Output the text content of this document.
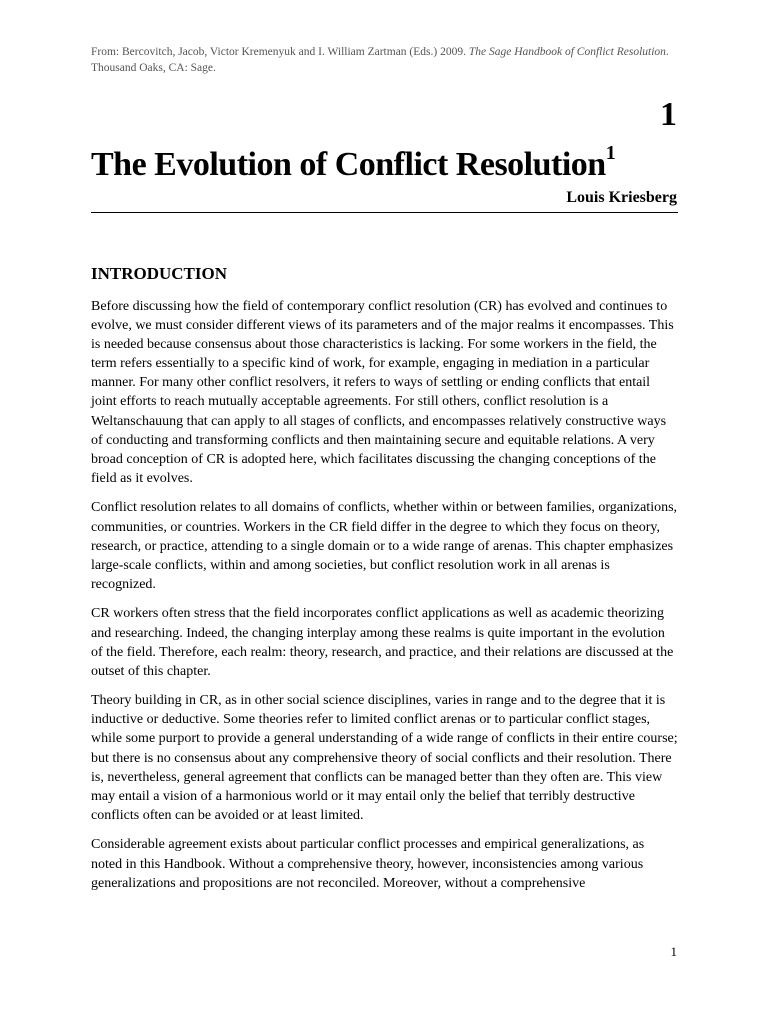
From: Bercovitch, Jacob, Victor Kremenyuk and I. William Zartman (Eds.) 2009. The Sage Handbook of Conflict Resolution. Thousand Oaks, CA: Sage.
1
The Evolution of Conflict Resolution$^1$
Louis Kriesberg
INTRODUCTION

Before discussing how the field of contemporary conflict resolution (CR) has evolved and continues to evolve, we must consider different views of its parameters and of the major realms it encompasses. This is needed because consensus about those characteristics is lacking. For some workers in the field, the term refers essentially to a specific kind of work, for example, engaging in mediation in a particular manner. For many other conflict resolvers, it refers to ways of settling or ending conflicts that entail joint efforts to reach mutually acceptable agreements. For still others, conflict resolution is a Weltanschauung that can apply to all stages of conflicts, and encompasses relatively constructive ways of conducting and transforming conflicts and then maintaining secure and equitable relations. A very broad conception of CR is adopted here, which facilitates discussing the changing conceptions of the field as it evolves.

Conflict resolution relates to all domains of conflicts, whether within or between families, organizations, communities, or countries. Workers in the CR field differ in the degree to which they focus on theory, research, or practice, attending to a single domain or to a wide range of arenas. This chapter emphasizes large-scale conflicts, within and among societies, but conflict resolution work in all arenas is recognized.

CR workers often stress that the field incorporates conflict applications as well as academic theorizing and researching. Indeed, the changing interplay among these realms is quite important in the evolution of the field. Therefore, each realm: theory, research, and practice, and their relations are discussed at the outset of this chapter.

Theory building in CR, as in other social science disciplines, varies in range and to the degree that it is inductive or deductive. Some theories refer to limited conflict arenas or to particular conflict stages, while some purport to provide a general understanding of a wide range of conflicts in their entire course; but there is no consensus about any comprehensive theory of social conflicts and their resolution. There is, nevertheless, general agreement that conflicts can be managed better than they often are. This view may entail a vision of a harmonious world or it may entail only the belief that terribly destructive conflicts often can be avoided or at least limited.

Considerable agreement exists about particular conflict processes and empirical generalizations, as noted in this Handbook. Without a comprehensive theory, however, inconsistencies among various generalizations and propositions are not reconciled. Moreover, without a comprehensive

1
